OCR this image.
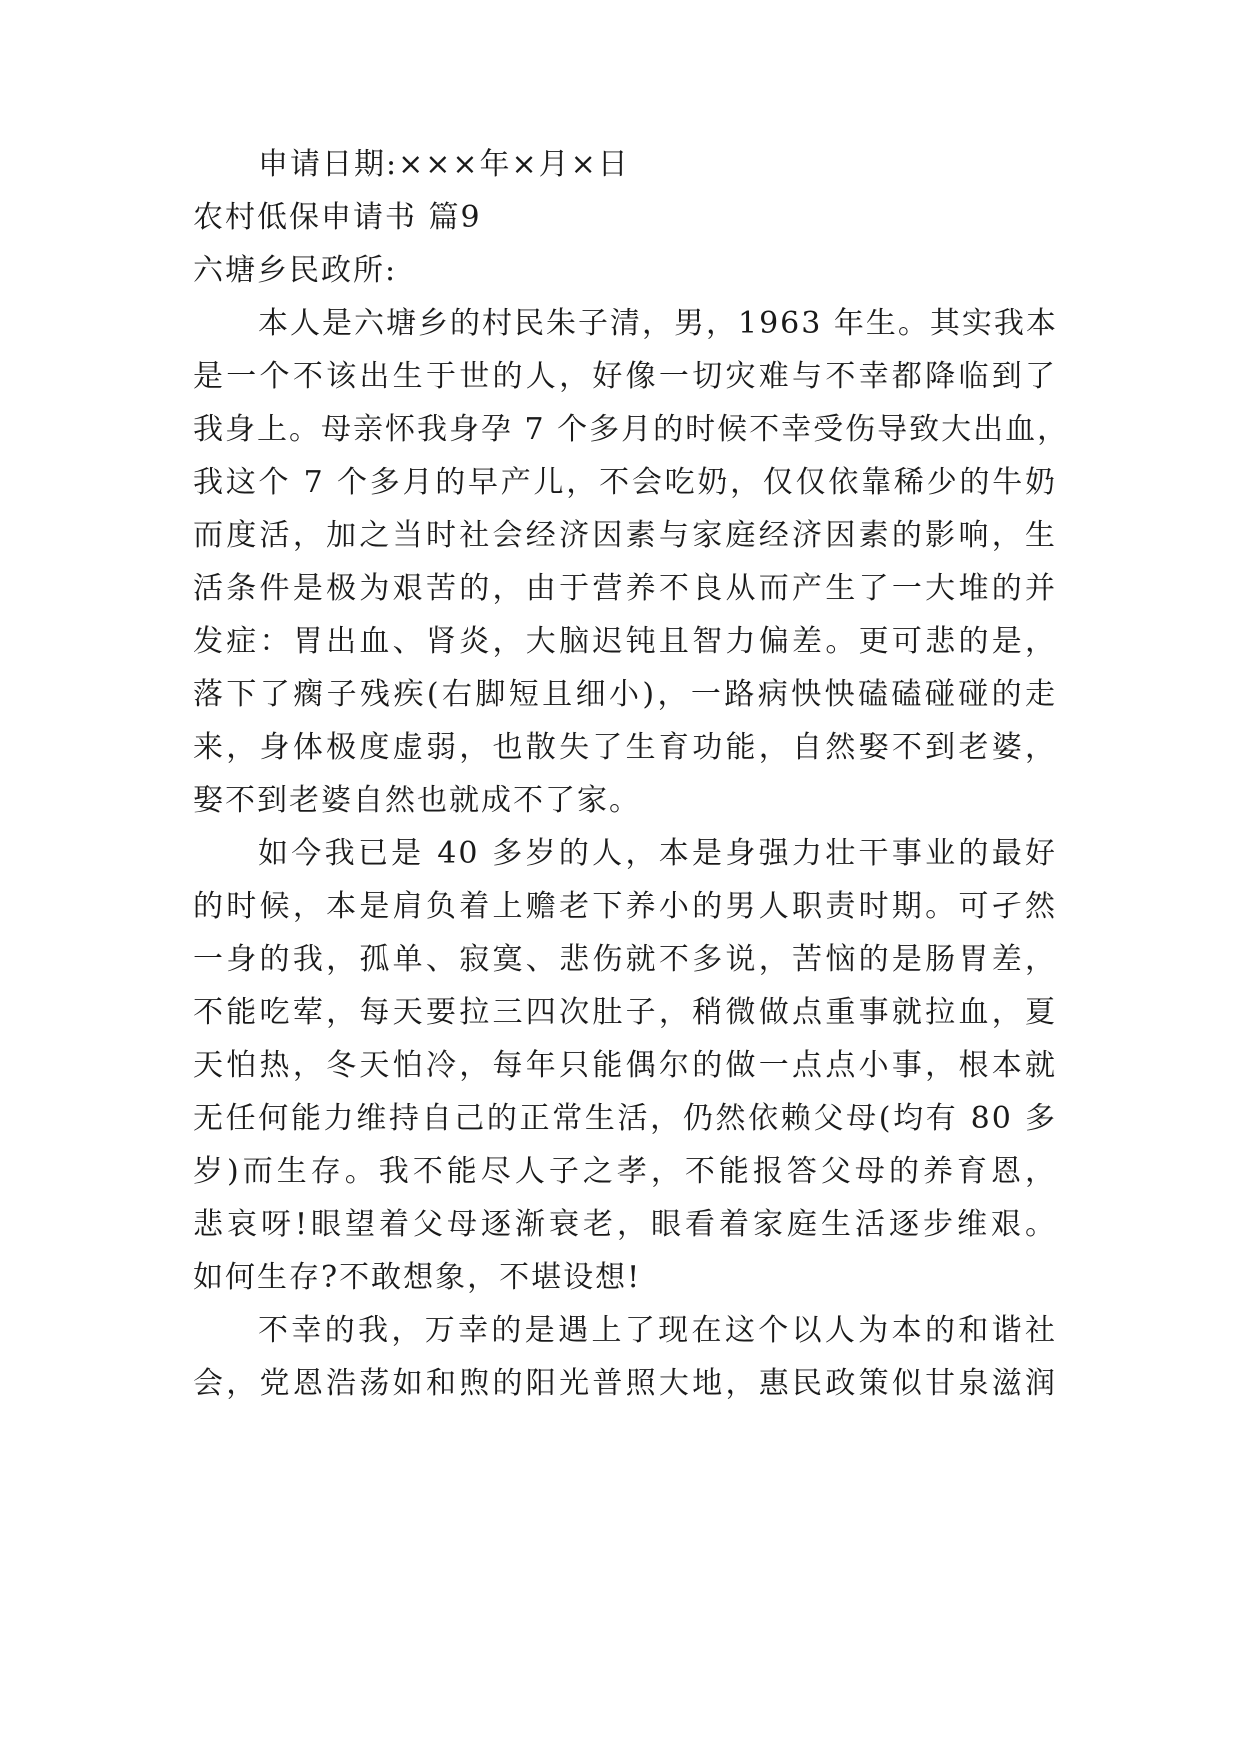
申请日期:×××年×月×日
农村低保申请书 篇9
六塘乡民政所:
本人是六塘乡的村民朱子清，男，1963 年生。其实我本
是一个不该出生于世的人，好像一切灾难与不幸都降临到了
我身上。母亲怀我身孕 7 个多月的时候不幸受伤导致大出血，
我这个 7 个多月的早产儿，不会吃奶，仅仅依靠稀少的牛奶
而度活，加之当时社会经济因素与家庭经济因素的影响，生
活条件是极为艰苦的，由于营养不良从而产生了一大堆的并
发症：胃出血、肾炎，大脑迟钝且智力偏差。更可悲的是，
落下了瘸子残疾(右脚短且细小)，一路病怏怏磕磕碰碰的走
来，身体极度虚弱，也散失了生育功能，自然娶不到老婆，
娶不到老婆自然也就成不了家。
如今我已是 40 多岁的人，本是身强力壮干事业的最好
的时候，本是肩负着上赡老下养小的男人职责时期。可孑然
一身的我，孤单、寂寞、悲伤就不多说，苦恼的是肠胃差，
不能吃荤，每天要拉三四次肚子，稍微做点重事就拉血，夏
天怕热，冬天怕冷，每年只能偶尔的做一点点小事，根本就
无任何能力维持自己的正常生活，仍然依赖父母(均有 80 多
岁)而生存。我不能尽人子之孝，不能报答父母的养育恩，
悲哀呀!眼望着父母逐渐衰老，眼看着家庭生活逐步维艰。
如何生存?不敢想象，不堪设想!
不幸的我，万幸的是遇上了现在这个以人为本的和谐社
会，党恩浩荡如和煦的阳光普照大地，惠民政策似甘泉滋润
